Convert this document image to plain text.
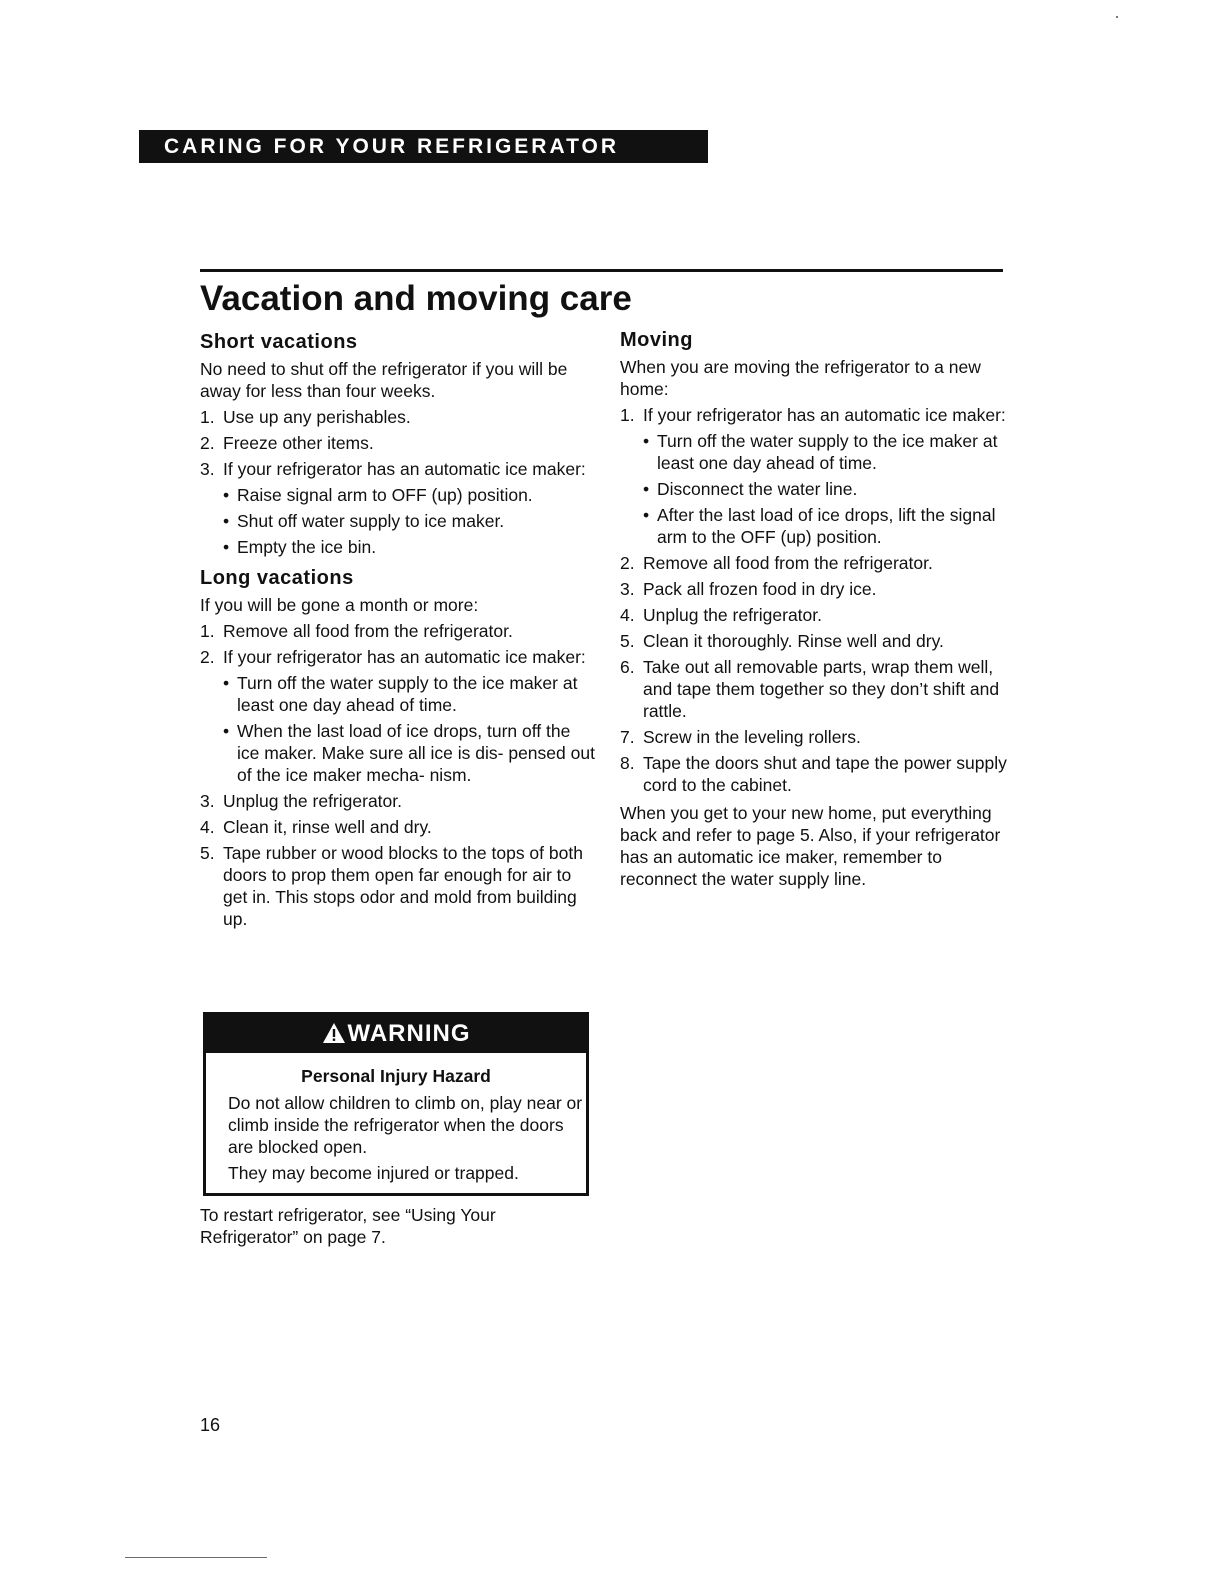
CARING FOR YOUR REFRIGERATOR
Vacation and moving care
Short vacations

No need to shut off the refrigerator if you will be away for less than four weeks.

1. Use up any perishables.
2. Freeze other items.
3. If your refrigerator has an automatic ice maker:
• Raise signal arm to OFF (up) position.
• Shut off water supply to ice maker.
• Empty the ice bin.
Long vacations

If you will be gone a month or more:

1. Remove all food from the refrigerator.
2. If your refrigerator has an automatic ice maker:
• Turn off the water supply to the ice maker at least one day ahead of time.
• When the last load of ice drops, turn off the ice maker. Make sure all ice is dis- pensed out of the ice maker mecha- nism.
3. Unplug the refrigerator.
4. Clean it, rinse well and dry.
5. Tape rubber or wood blocks to the tops of both doors to prop them open far enough for air to get in. This stops odor and mold from building up.
WARNING
Personal Injury Hazard

Do not allow children to climb on, play near or climb inside the refrigerator when the doors are blocked open.

They may become injured or trapped.

To restart refrigerator, see “Using Your Refrigerator” on page 7.

Moving

When you are moving the refrigerator to a new home:

1. If your refrigerator has an automatic ice maker:
• Turn off the water supply to the ice maker at least one day ahead of time.
• Disconnect the water line.
• After the last load of ice drops, lift the signal arm to the OFF (up) position.
2. Remove all food from the refrigerator.
3. Pack all frozen food in dry ice.
4. Unplug the refrigerator.
5. Clean it thoroughly. Rinse well and dry.
6. Take out all removable parts, wrap them well, and tape them together so they don’t shift and rattle.
7. Screw in the leveling rollers.
8. Tape the doors shut and tape the power supply cord to the cabinet.

When you get to your new home, put everything back and refer to page 5. Also, if your refrigerator has an automatic ice maker, remember to reconnect the water supply line.

16
